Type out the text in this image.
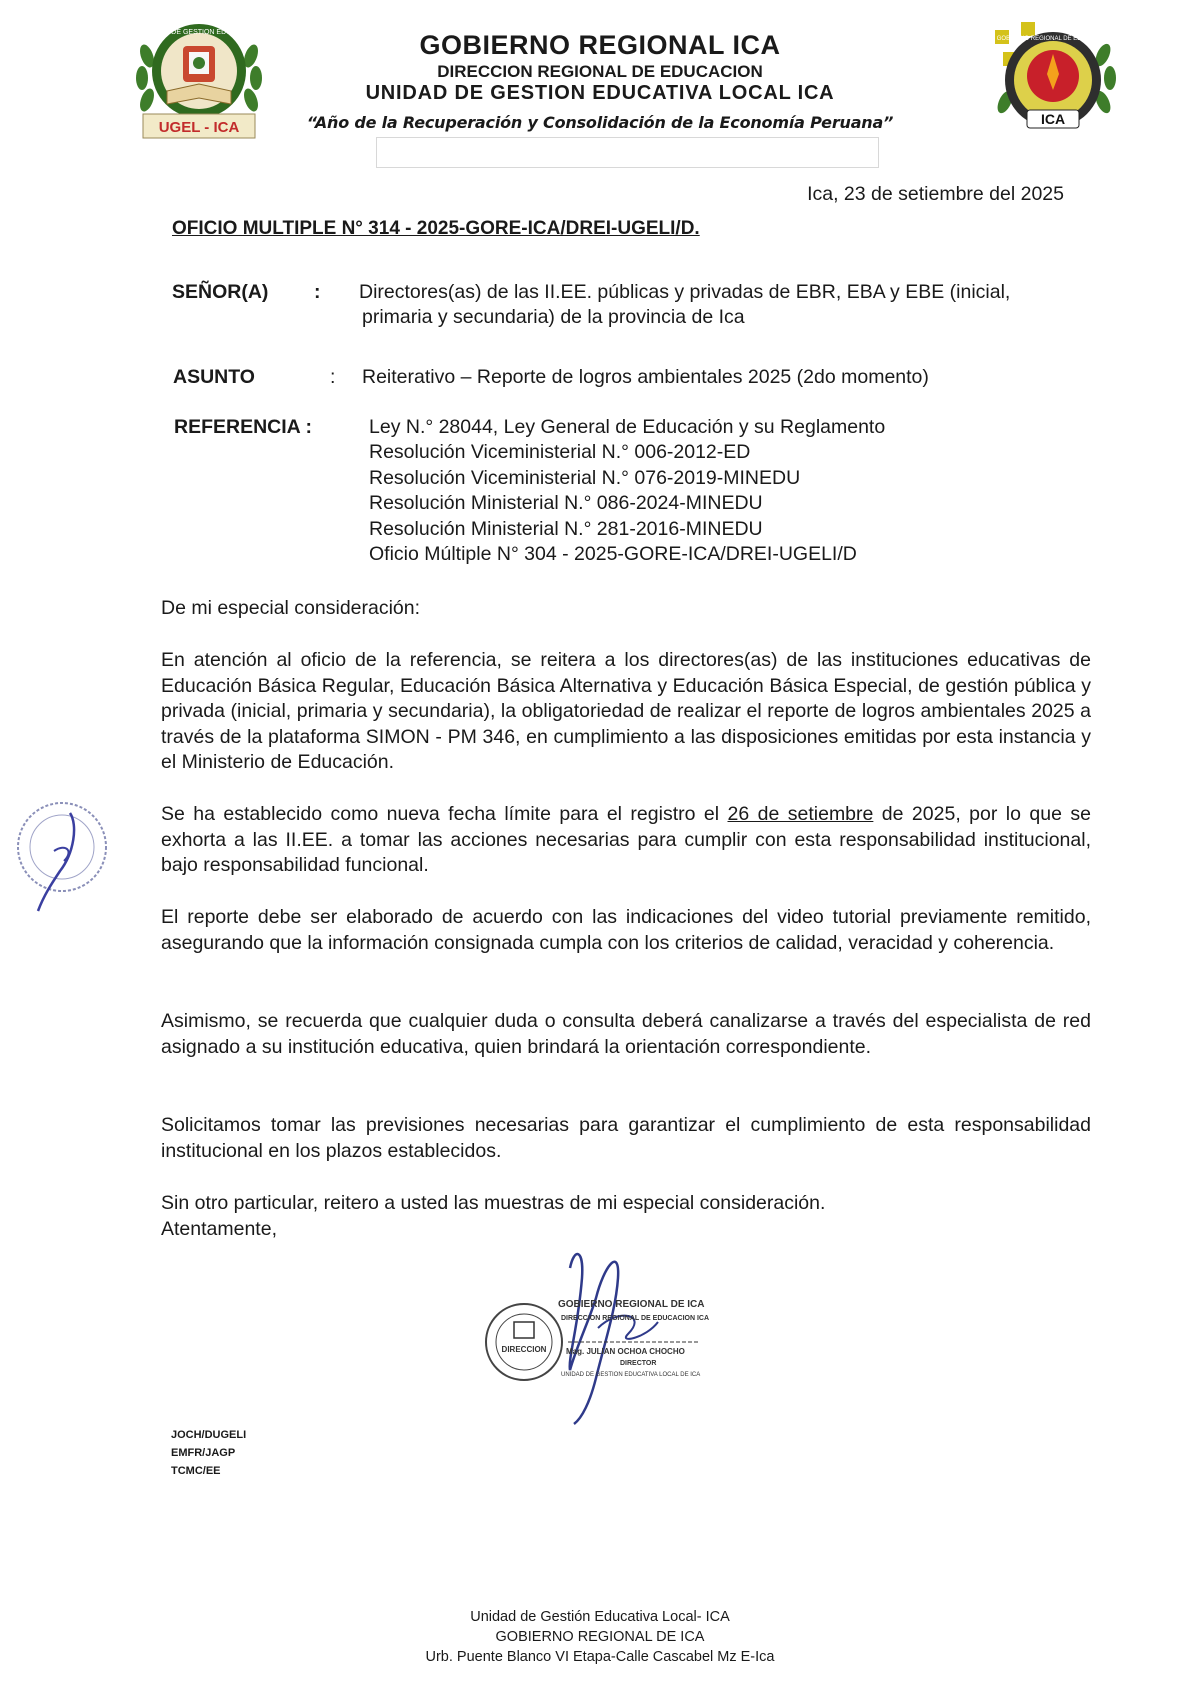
UGEL - ICA
UNIDAD DE GESTION EDUCATIVA
ICA
GOBIERNO REGIONAL DE EDUCACION
GOBIERNO REGIONAL ICA
DIRECCION REGIONAL DE EDUCACION
UNIDAD DE GESTION EDUCATIVA LOCAL ICA
“Año de la Recuperación y Consolidación de la Economía Peruana”
Ica, 23 de setiembre del 2025
OFICIO MULTIPLE N° 314 - 2025-GORE-ICA/DREI-UGELI/D.
SEÑOR(A) : Directores(as) de las II.EE. públicas y privadas de EBR, EBA y EBE (inicial,
primaria y secundaria) de la provincia de Ica
ASUNTO	: Reiterativo – Reporte de logros ambientales 2025 (2do momento)
REFERENCIA :	Ley N.° 28044, Ley General de Educación y su Reglamento
Resolución Viceministerial N.° 006-2012-ED
Resolución Viceministerial N.° 076-2019-MINEDU
Resolución Ministerial N.° 086-2024-MINEDU
Resolución Ministerial N.° 281-2016-MINEDU
Oficio Múltiple N° 304 - 2025-GORE-ICA/DREI-UGELI/D
De mi especial consideración:
En atención al oficio de la referencia, se reitera a los directores(as) de las instituciones educativas de Educación Básica Regular, Educación Básica Alternativa y Educación Básica Especial, de gestión pública y privada (inicial, primaria y secundaria), la obligatoriedad de realizar el reporte de logros ambientales 2025 a través de la plataforma SIMON - PM 346, en cumplimiento a las disposiciones emitidas por esta instancia y el Ministerio de Educación.
Se ha establecido como nueva fecha límite para el registro el 26 de setiembre de 2025, por lo que se exhorta a las II.EE. a tomar las acciones necesarias para cumplir con esta responsabilidad institucional, bajo responsabilidad funcional.
El reporte debe ser elaborado de acuerdo con las indicaciones del video tutorial previamente remitido, asegurando que la información consignada cumpla con los criterios de calidad, veracidad y coherencia.
Asimismo, se recuerda que cualquier duda o consulta deberá canalizarse a través del especialista de red asignado a su institución educativa, quien brindará la orientación correspondiente.
Solicitamos tomar las previsiones necesarias para garantizar el cumplimiento de esta responsabilidad institucional en los plazos establecidos.
Sin otro particular, reitero a usted las muestras de mi especial consideración.
Atentamente,
DIRECCION
GOBIERNO REGIONAL DE ICA
DIRECCION REGIONAL DE EDUCACION ICA
Mag. JULIAN OCHOA CHOCHO
DIRECTOR
UNIDAD DE GESTION EDUCATIVA LOCAL DE ICA
JOCH/DUGELI
EMFR/JAGP
TCMC/EE
Unidad de Gestión Educativa Local- ICA
GOBIERNO REGIONAL DE ICA
Urb. Puente Blanco VI Etapa-Calle Cascabel Mz E-Ica
